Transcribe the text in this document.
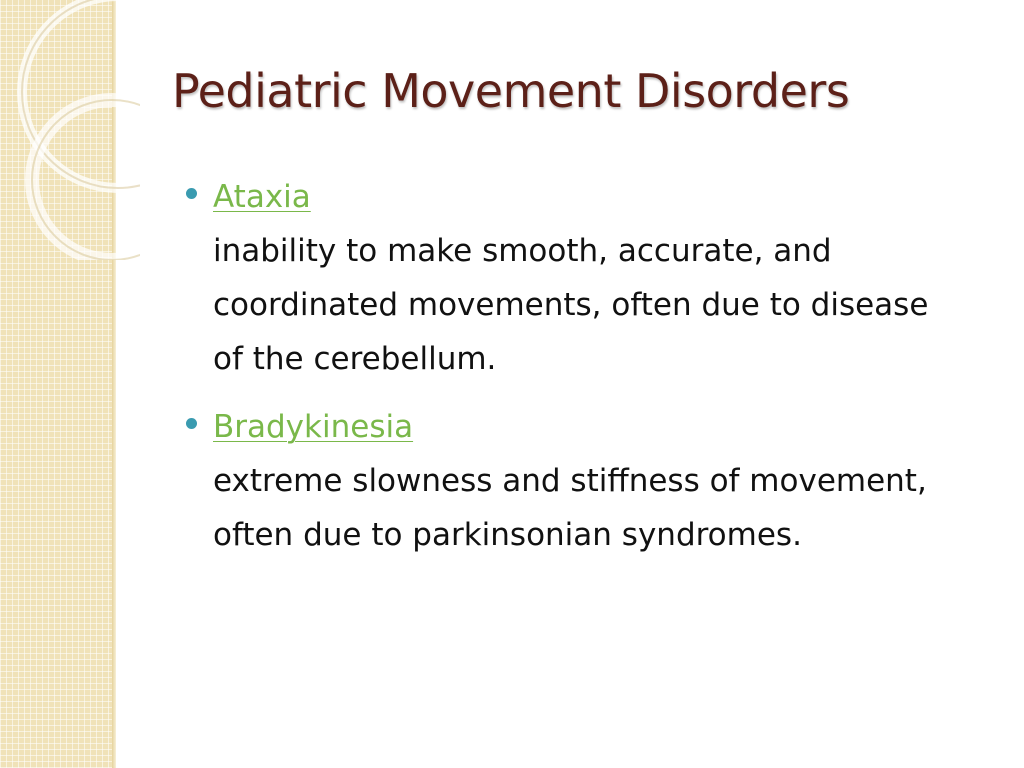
Pediatric Movement Disorders
Ataxia
inability to make smooth, accurate, and coordinated movements, often due to disease of the cerebellum.
Bradykinesia
extreme slowness and stiffness of movement, often due to parkinsonian syndromes.
